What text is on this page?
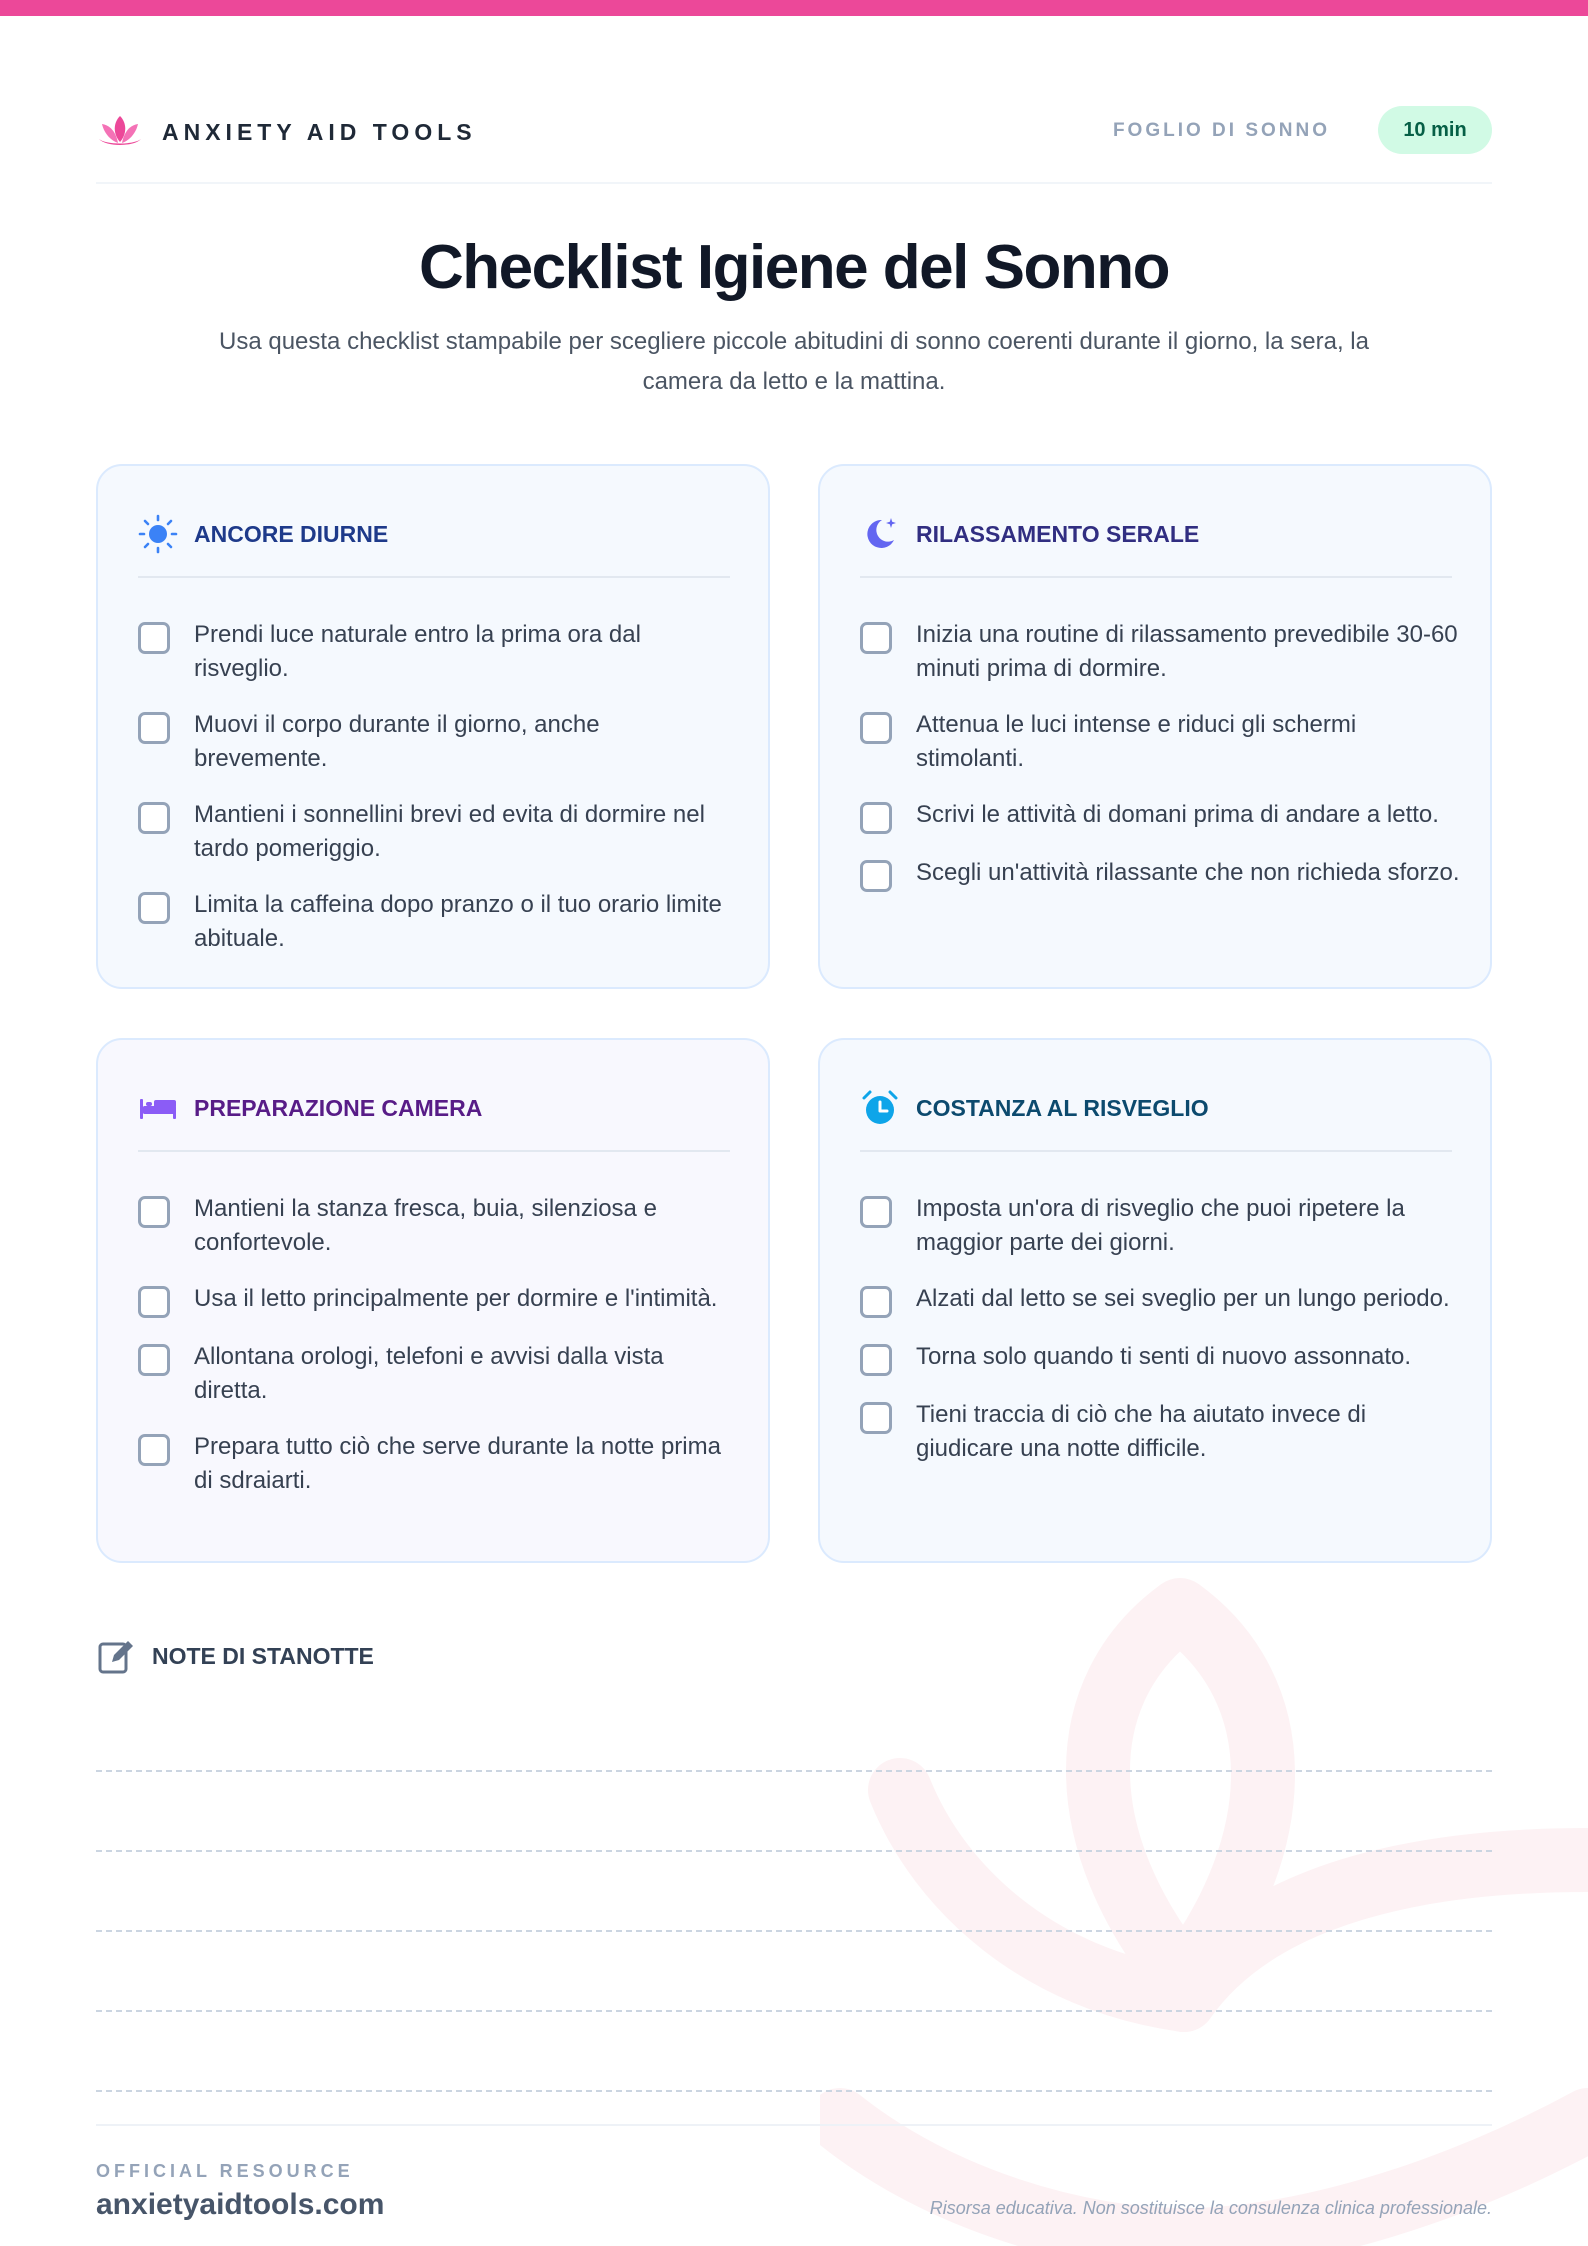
ANXIETY AID TOOLS	FOGLIO DI SONNO	10 min
Checklist Igiene del Sonno

Usa questa checklist stampabile per scegliere piccole abitudini di sonno coerenti durante il giorno, la sera, la camera da letto e la mattina.

ANCORE DIURNE
Prendi luce naturale entro la prima ora dal risveglio.
Muovi il corpo durante il giorno, anche brevemente.
Mantieni i sonnellini brevi ed evita di dormire nel tardo pomeriggio.
Limita la caffeina dopo pranzo o il tuo orario limite abituale.
RILASSAMENTO SERALE
Inizia una routine di rilassamento prevedibile 30-60 minuti prima di dormire.
Attenua le luci intense e riduci gli schermi stimolanti.
Scrivi le attività di domani prima di andare a letto.
Scegli un'attività rilassante che non richieda sforzo.
PREPARAZIONE CAMERA
Mantieni la stanza fresca, buia, silenziosa e confortevole.
Usa il letto principalmente per dormire e l'intimità.
Allontana orologi, telefoni e avvisi dalla vista diretta.
Prepara tutto ciò che serve durante la notte prima di sdraiarti.
COSTANZA AL RISVEGLIO
Imposta un'ora di risveglio che puoi ripetere la maggior parte dei giorni.
Alzati dal letto se sei sveglio per un lungo periodo.
Torna solo quando ti senti di nuovo assonnato.
Tieni traccia di ciò che ha aiutato invece di giudicare una notte difficile.
NOTE DI STANOTTE
OFFICIAL RESOURCE
anxietyaidtools.com	Risorsa educativa. Non sostituisce la consulenza clinica professionale.
